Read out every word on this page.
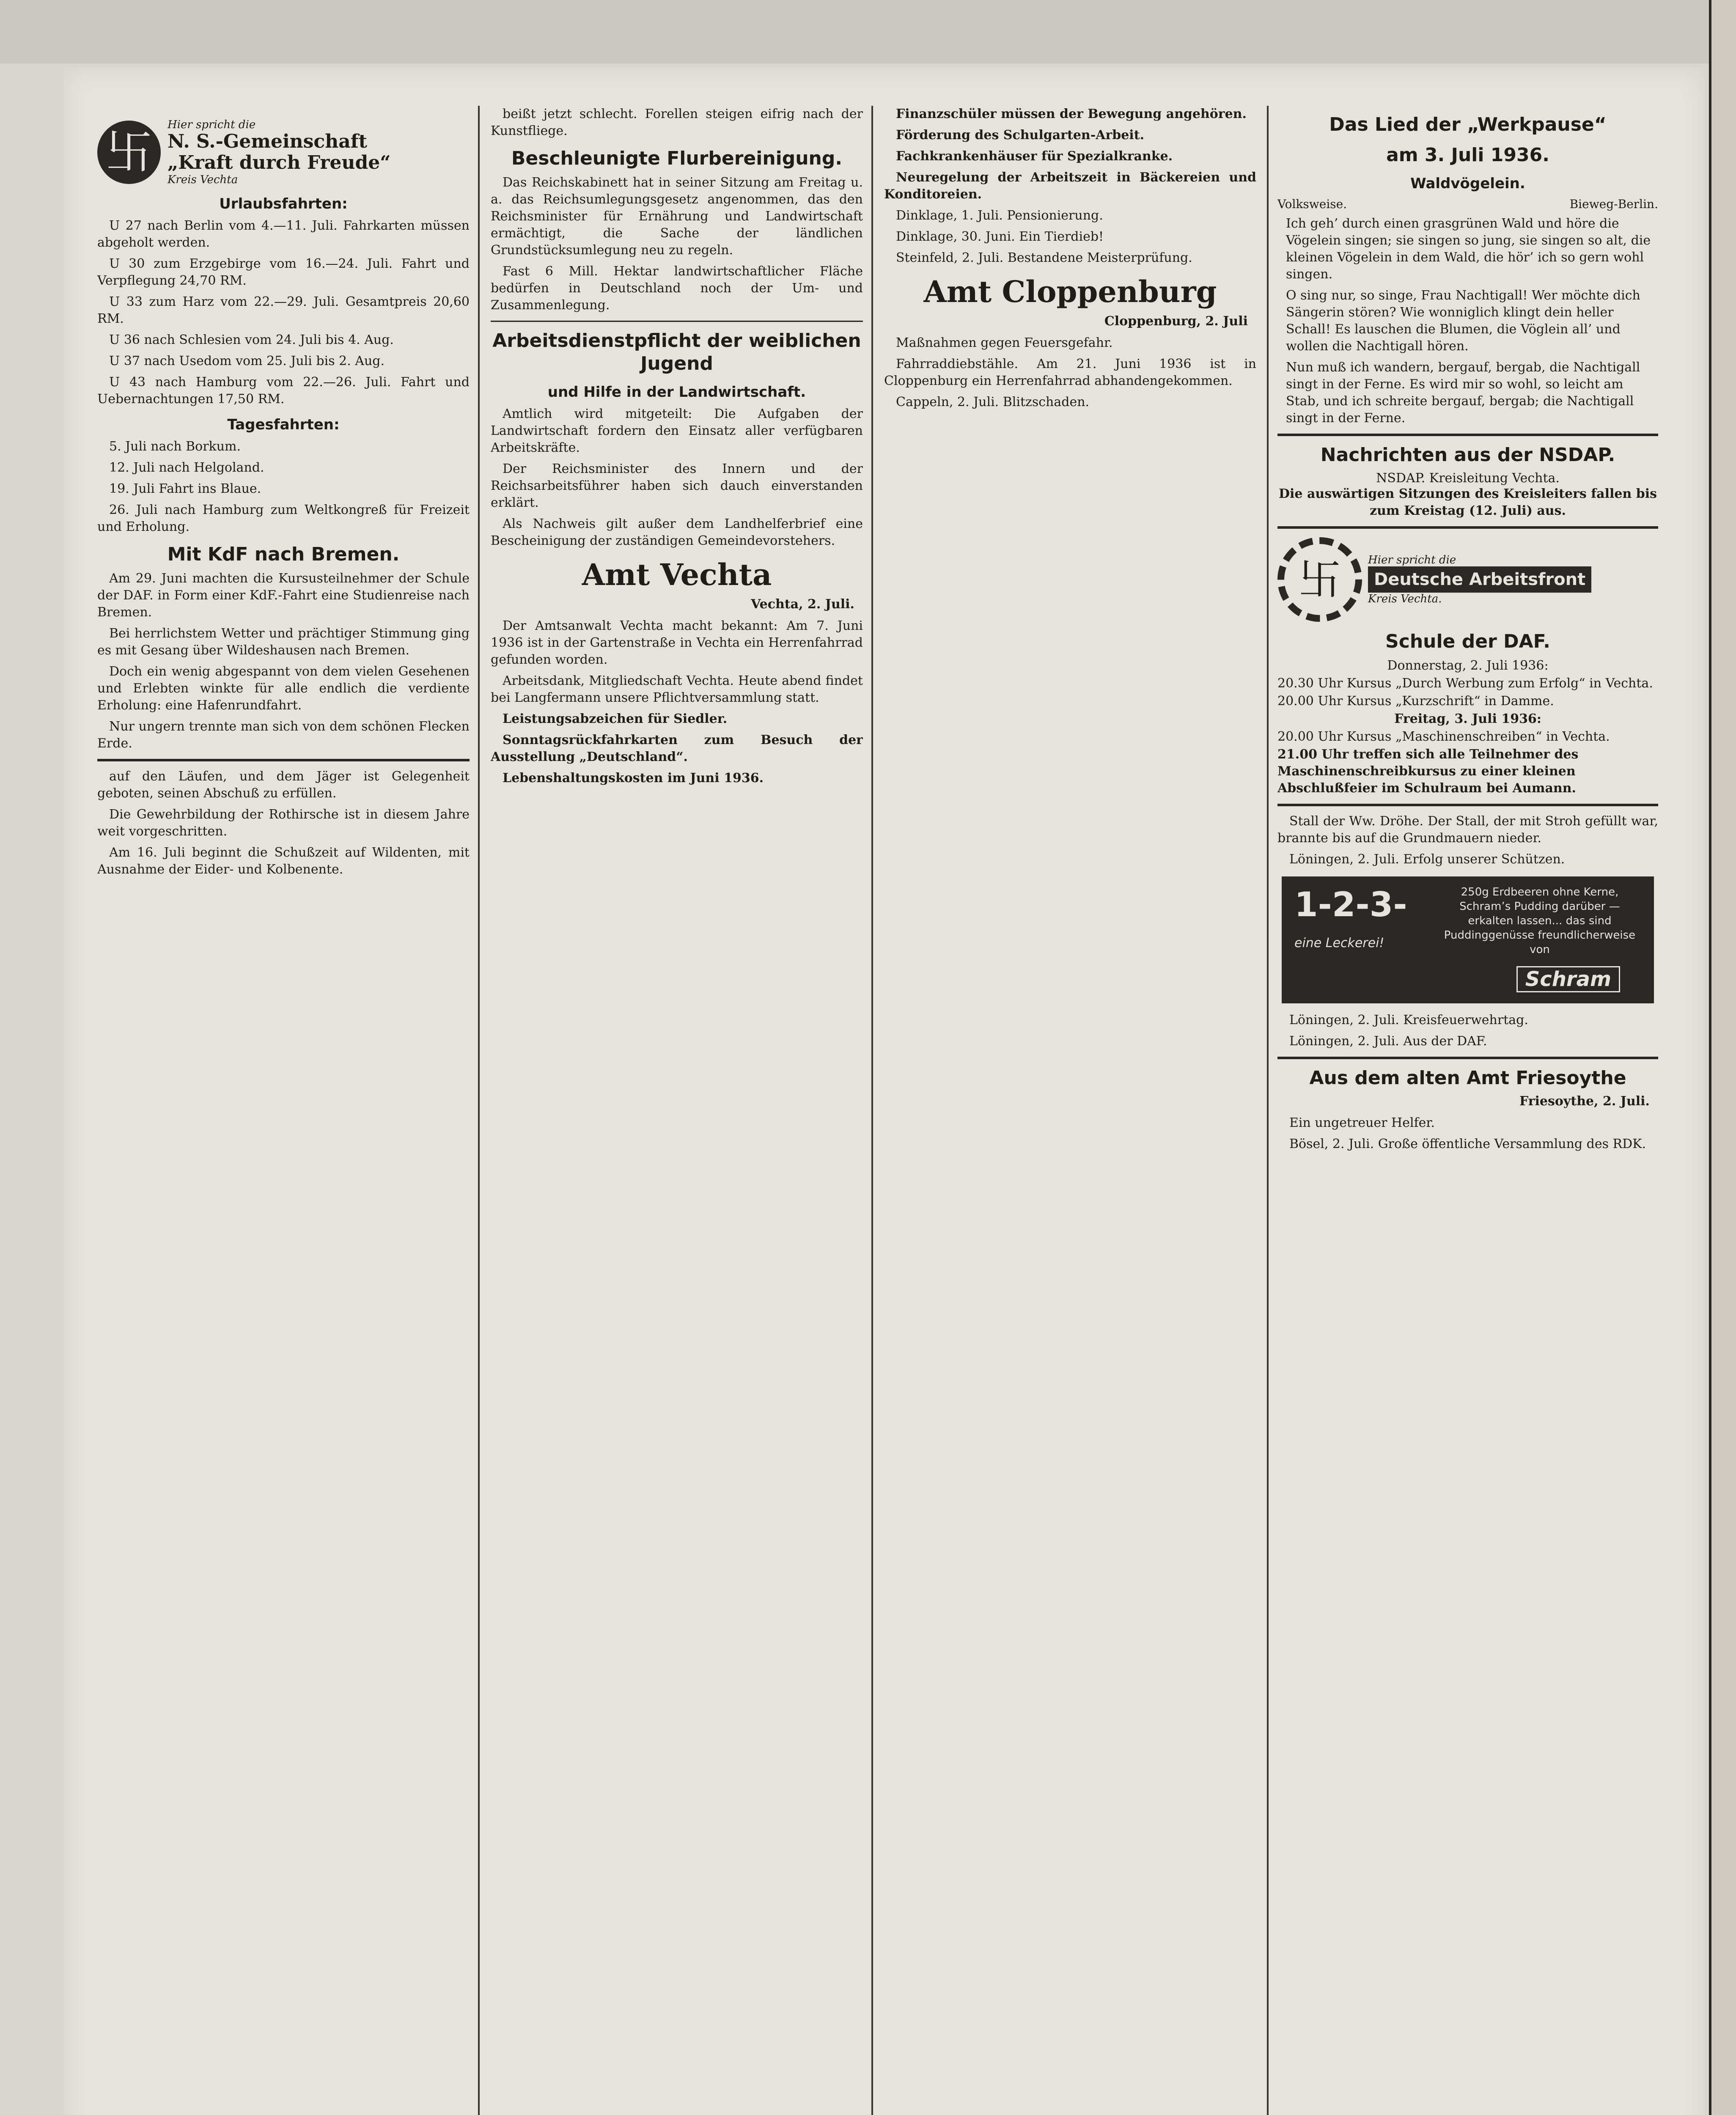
卐
Hier spricht die
N. S.-Gemeinschaft
„Kraft durch Freude“
Kreis Vechta
Urlaubsfahrten:

U 27 nach Berlin vom 4.—11. Juli. Fahrkarten müssen abgeholt werden.

U 30 zum Erzgebirge vom 16.—24. Juli. Fahrt und Verpflegung 24,70 RM.

U 33 zum Harz vom 22.—29. Juli. Gesamtpreis 20,60 RM.

U 36 nach Schlesien vom 24. Juli bis 4. Aug.

U 37 nach Usedom vom 25. Juli bis 2. Aug.

U 43 nach Hamburg vom 22.—26. Juli. Fahrt und Uebernachtungen 17,50 RM.

Tagesfahrten:

5. Juli nach Borkum.

12. Juli nach Helgoland.

19. Juli Fahrt ins Blaue.

26. Juli nach Hamburg zum Weltkongreß für Freizeit und Erholung.

Mit KdF nach Bremen.

Am 29. Juni machten die Kursusteilnehmer der Schule der DAF. in Form einer KdF.-Fahrt eine Studienreise nach Bremen.

Bei herrlichstem Wetter und prächtiger Stimmung ging es mit Gesang über Wildeshausen nach Bremen.

Doch ein wenig abgespannt von dem vielen Gesehenen und Erlebten winkte für alle endlich die verdiente Erholung: eine Hafenrundfahrt.

Nur ungern trennte man sich von dem schönen Flecken Erde.

auf den Läufen, und dem Jäger ist Gelegenheit geboten, seinen Abschuß zu erfüllen.

Die Gewehrbildung der Rothirsche ist in diesem Jahre weit vorgeschritten.

Am 16. Juli beginnt die Schußzeit auf Wildenten, mit Ausnahme der Eider- und Kolbenente.

beißt jetzt schlecht. Forellen steigen eifrig nach der Kunstfliege.

Beschleunigte Flurbereinigung.

Das Reichskabinett hat in seiner Sitzung am Freitag u. a. das Reichsumlegungsgesetz angenommen, das den Reichsminister für Ernährung und Landwirtschaft ermächtigt, die Sache der ländlichen Grundstücksumlegung neu zu regeln.

Fast 6 Mill. Hektar landwirtschaftlicher Fläche bedürfen in Deutschland noch der Um- und Zusammenlegung.

Arbeitsdienstpflicht der weiblichen Jugend
und Hilfe in der Landwirtschaft.

Amtlich wird mitgeteilt: Die Aufgaben der Landwirtschaft fordern den Einsatz aller verfügbaren Arbeitskräfte.

Der Reichsminister des Innern und der Reichsarbeitsführer haben sich dauch einverstanden erklärt.

Als Nachweis gilt außer dem Landhelferbrief eine Bescheinigung der zuständigen Gemeindevorstehers.

Amt Vechta
Vechta, 2. Juli.

Der Amtsanwalt Vechta macht bekannt: Am 7. Juni 1936 ist in der Gartenstraße in Vechta ein Herrenfahrrad gefunden worden.

Arbeitsdank, Mitgliedschaft Vechta. Heute abend findet bei Langfermann unsere Pflichtversammlung statt.

Leistungsabzeichen für Siedler.

Sonntagsrückfahrkarten zum Besuch der Ausstellung „Deutschland“.

Lebenshaltungskosten im Juni 1936.

Finanzschüler müssen der Bewegung angehören.

Förderung des Schulgarten-Arbeit.

Fachkrankenhäuser für Spezialkranke.

Neuregelung der Arbeitszeit in Bäckereien und Konditoreien.

Dinklage, 1. Juli. Pensionierung.

Dinklage, 30. Juni. Ein Tierdieb!

Steinfeld, 2. Juli. Bestandene Meisterprüfung.

Amt Cloppenburg
Cloppenburg, 2. Juli

Maßnahmen gegen Feuersgefahr.

Fahrraddiebstähle. Am 21. Juni 1936 ist in Cloppenburg ein Herrenfahrrad abhandengekommen.

Cappeln, 2. Juli. Blitzschaden.

Das Lied der „Werkpause“
am 3. Juli 1936.
Waldvögelein.
Volksweise.	Bieweg-Berlin.

Ich geh’ durch einen grasgrünen Wald und höre die Vögelein singen; sie singen so jung, sie singen so alt, die kleinen Vögelein in dem Wald, die hör’ ich so gern wohl singen.

O sing nur, so singe, Frau Nachtigall! Wer möchte dich Sängerin stören? Wie wonniglich klingt dein heller Schall! Es lauschen die Blumen, die Vöglein all’ und wollen die Nachtigall hören.

Nun muß ich wandern, bergauf, bergab, die Nachtigall singt in der Ferne. Es wird mir so wohl, so leicht am Stab, und ich schreite bergauf, bergab; die Nachtigall singt in der Ferne.

Nachrichten aus der NSDAP.
NSDAP. Kreisleitung Vechta.

Die auswärtigen Sitzungen des Kreisleiters fallen bis zum Kreistag (12. Juli) aus.

卐
Hier spricht die
Deutsche Arbeitsfront
Kreis Vechta.
Schule der DAF.
Donnerstag, 2. Juli 1936:
20.30 Uhr Kursus „Durch Werbung zum Erfolg“ in Vechta.
20.00 Uhr Kursus „Kurzschrift“ in Damme.
Freitag, 3. Juli 1936:
20.00 Uhr Kursus „Maschinenschreiben“ in Vechta.
21.00 Uhr treffen sich alle Teilnehmer des Maschinenschreibkursus zu einer kleinen Abschlußfeier im Schulraum bei Aumann.

Stall der Ww. Dröhe. Der Stall, der mit Stroh gefüllt war, brannte bis auf die Grundmauern nieder.

Löningen, 2. Juli. Erfolg unserer Schützen.

1-2-3-
eine Leckerei!
250g Erdbeeren ohne Kerne, Schram’s Pudding darüber — erkalten lassen... das sind Puddinggenüsse freundlicherweise von
Schram

Löningen, 2. Juli. Kreisfeuerwehrtag.

Löningen, 2. Juli. Aus der DAF.

Aus dem alten Amt Friesoythe
Friesoythe, 2. Juli.

Ein ungetreuer Helfer.

Bösel, 2. Juli. Große öffentliche Versammlung des RDK.
